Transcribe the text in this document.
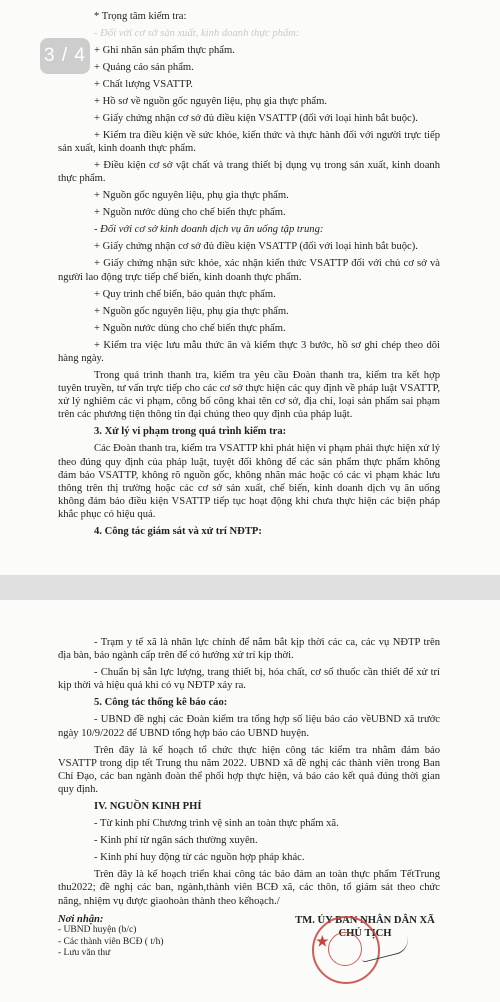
* Trọng tâm kiểm tra:

- Đối với cơ sở sản xuất, kinh doanh thực phẩm:

+ Ghi nhãn sản phẩm thực phẩm.

+ Quảng cáo sản phẩm.

+ Chất lượng VSATTP.

+ Hồ sơ về nguồn gốc nguyên liệu, phụ gia thực phẩm.

+ Giấy chứng nhận cơ sở đủ điều kiện VSATTP (đối với loại hình bắt buộc).

+ Kiểm tra điều kiện về sức khỏe, kiến thức và thực hành đối với người trực tiếp sản xuất, kinh doanh thực phẩm.

+ Điều kiện cơ sở vật chất và trang thiết bị dụng vụ trong sản xuất, kinh doanh thực phẩm.

+ Nguồn gốc nguyên liệu, phụ gia thực phẩm.

+ Nguồn nước dùng cho chế biến thực phẩm.

- Đối với cơ sở kinh doanh dịch vụ ăn uống tập trung:

+ Giấy chứng nhận cơ sở đủ điều kiện VSATTP (đối với loại hình bắt buộc).

+ Giấy chứng nhận sức khỏe, xác nhận kiến thức VSATTP đối với chủ cơ sở và người lao động trực tiếp chế biến, kinh doanh thực phẩm.

+ Quy trình chế biến, bảo quản thực phẩm.

+ Nguồn gốc nguyên liệu, phụ gia thực phẩm.

+ Nguồn nước dùng cho chế biến thực phẩm.

+ Kiểm tra việc lưu mẫu thức ăn và kiểm thực 3 bước, hồ sơ ghi chép theo dõi hàng ngày.

Trong quá trình thanh tra, kiểm tra yêu cầu Đoàn thanh tra, kiểm tra kết hợp tuyên truyền, tư vấn trực tiếp cho các cơ sở thực hiện các quy định về pháp luật VSATTP, xử lý nghiêm các vi phạm, công bố công khai tên cơ sở, địa chỉ, loại sản phẩm sai phạm trên các phương tiện thông tin đại chúng theo quy định của pháp luật.

3. Xử lý vi phạm trong quá trình kiểm tra:

Các Đoàn thanh tra, kiểm tra VSATTP khi phát hiện vi phạm phải thực hiện xử lý theo đúng quy định của pháp luật, tuyệt đối không để các sản phẩm thực phẩm không đảm bảo VSATTP, không rõ nguồn gốc, không nhãn mác hoặc có các vi phạm khác lưu thông trên thị trường hoặc các cơ sở sản xuất, chế biến, kinh doanh dịch vụ ăn uống không đảm bảo điều kiện VSATTP tiếp tục hoạt động khi chưa thực hiện các biện pháp khắc phục có hiệu quả.

4. Công tác giám sát và xử trí NĐTP:

3 / 4

- Trạm y tế xã là nhân lực chính để nắm bắt kịp thời các ca, các vụ NĐTP trên địa bàn, báo ngành cấp trên để có hướng xử trí kịp thời.

- Chuẩn bị sẵn lực lượng, trang thiết bị, hóa chất, cơ số thuốc cần thiết để xử trí kịp thời và hiệu quả khi có vụ NĐTP xảy ra.

5. Công tác thống kê báo cáo:

- UBND đề nghị các Đoàn kiểm tra tổng hợp số liệu báo cáo vềUBND xã trước ngày 10/9/2022 để UBND tổng hợp báo cáo UBND huyện.

Trên đây là kế hoạch tổ chức thực hiện công tác kiểm tra nhằm đảm bảo VSATTP trong dịp tết Trung thu năm 2022. UBND xã đề nghị các thành viên trong Ban Chỉ Đạo, các ban ngành đoàn thể phối hợp thực hiện, và báo cáo kết quả đúng thời gian quy định.

IV. NGUỒN KINH PHÍ

- Từ kinh phí Chương trình vệ sinh an toàn thực phẩm xã.

- Kinh phí từ ngân sách thường xuyên.

- Kinh phí huy động từ các nguồn hợp pháp khác.

Trên đây là kế hoạch triển khai công tác bảo đảm an toàn thực phẩm TếtTrung thu2022; đề nghị các ban, ngành,thành viên BCĐ xã, các thôn, tổ giám sát theo chức năng, nhiệm vụ được giaohoàn thành theo kếhoạch./

Nơi nhận:
- UBND huyện (b/c)
- Các thành viên BCĐ ( t/h)
- Lưu văn thư
TM. ỦY BAN NHÂN DÂN XÃ
CHỦ TỊCH
★
